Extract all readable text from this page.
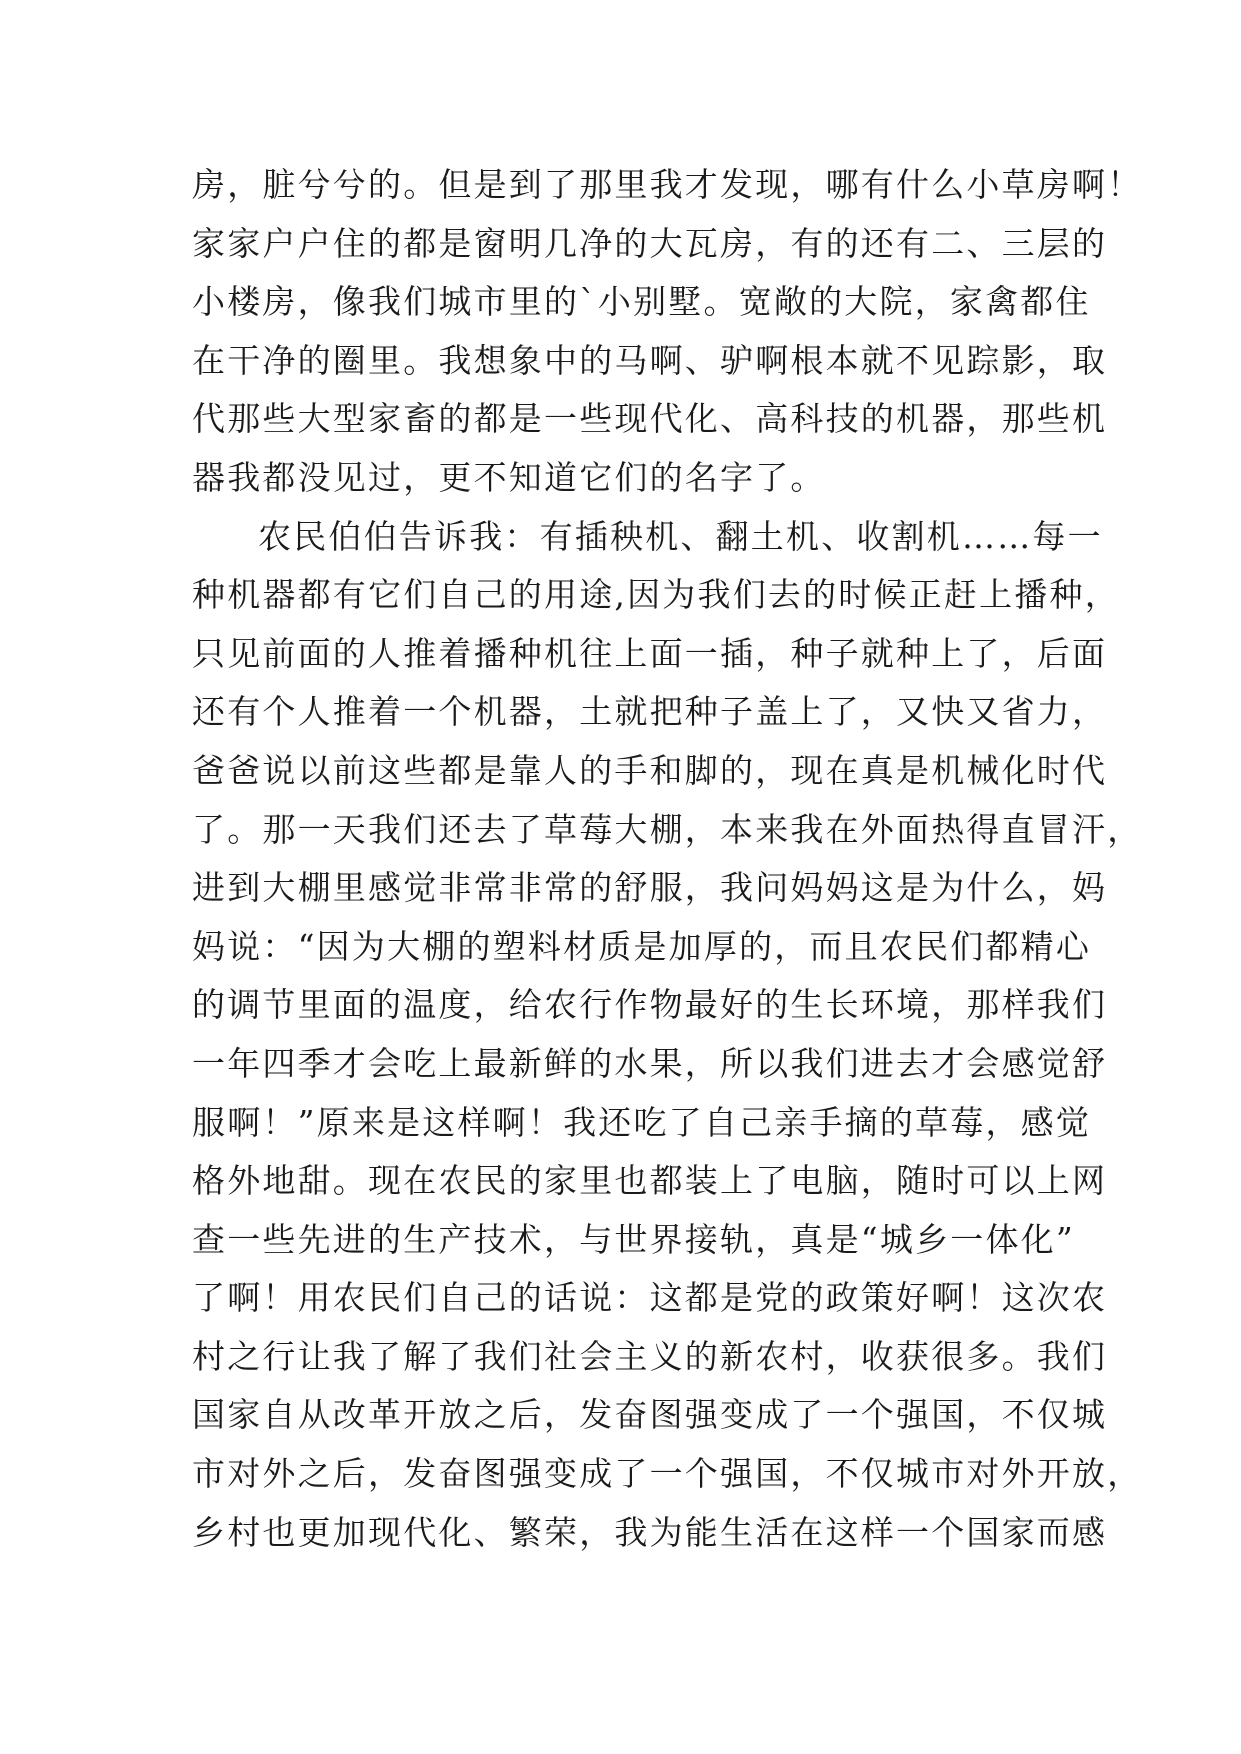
房，脏兮兮的。但是到了那里我才发现，哪有什么小草房啊！
家家户户住的都是窗明几净的大瓦房，有的还有二、三层的
小楼房，像我们城市里的`小别墅。宽敞的大院，家禽都住
在干净的圈里。我想象中的马啊、驴啊根本就不见踪影，取
代那些大型家畜的都是一些现代化、高科技的机器，那些机
器我都没见过，更不知道它们的名字了。
农民伯伯告诉我：有插秧机、翻土机、收割机……每一
种机器都有它们自己的用途,因为我们去的时候正赶上播种，
只见前面的人推着播种机往上面一插，种子就种上了，后面
还有个人推着一个机器，土就把种子盖上了，又快又省力，
爸爸说以前这些都是靠人的手和脚的，现在真是机械化时代
了。那一天我们还去了草莓大棚，本来我在外面热得直冒汗，
进到大棚里感觉非常非常的舒服，我问妈妈这是为什么，妈
妈说：“因为大棚的塑料材质是加厚的，而且农民们都精心
的调节里面的温度，给农行作物最好的生长环境，那样我们
一年四季才会吃上最新鲜的水果，所以我们进去才会感觉舒
服啊！”原来是这样啊！我还吃了自己亲手摘的草莓，感觉
格外地甜。现在农民的家里也都装上了电脑，随时可以上网
查一些先进的生产技术，与世界接轨，真是“城乡一体化”
了啊！用农民们自己的话说：这都是党的政策好啊！这次农
村之行让我了解了我们社会主义的新农村，收获很多。我们
国家自从改革开放之后，发奋图强变成了一个强国，不仅城
市对外之后，发奋图强变成了一个强国，不仅城市对外开放，
乡村也更加现代化、繁荣，我为能生活在这样一个国家而感
